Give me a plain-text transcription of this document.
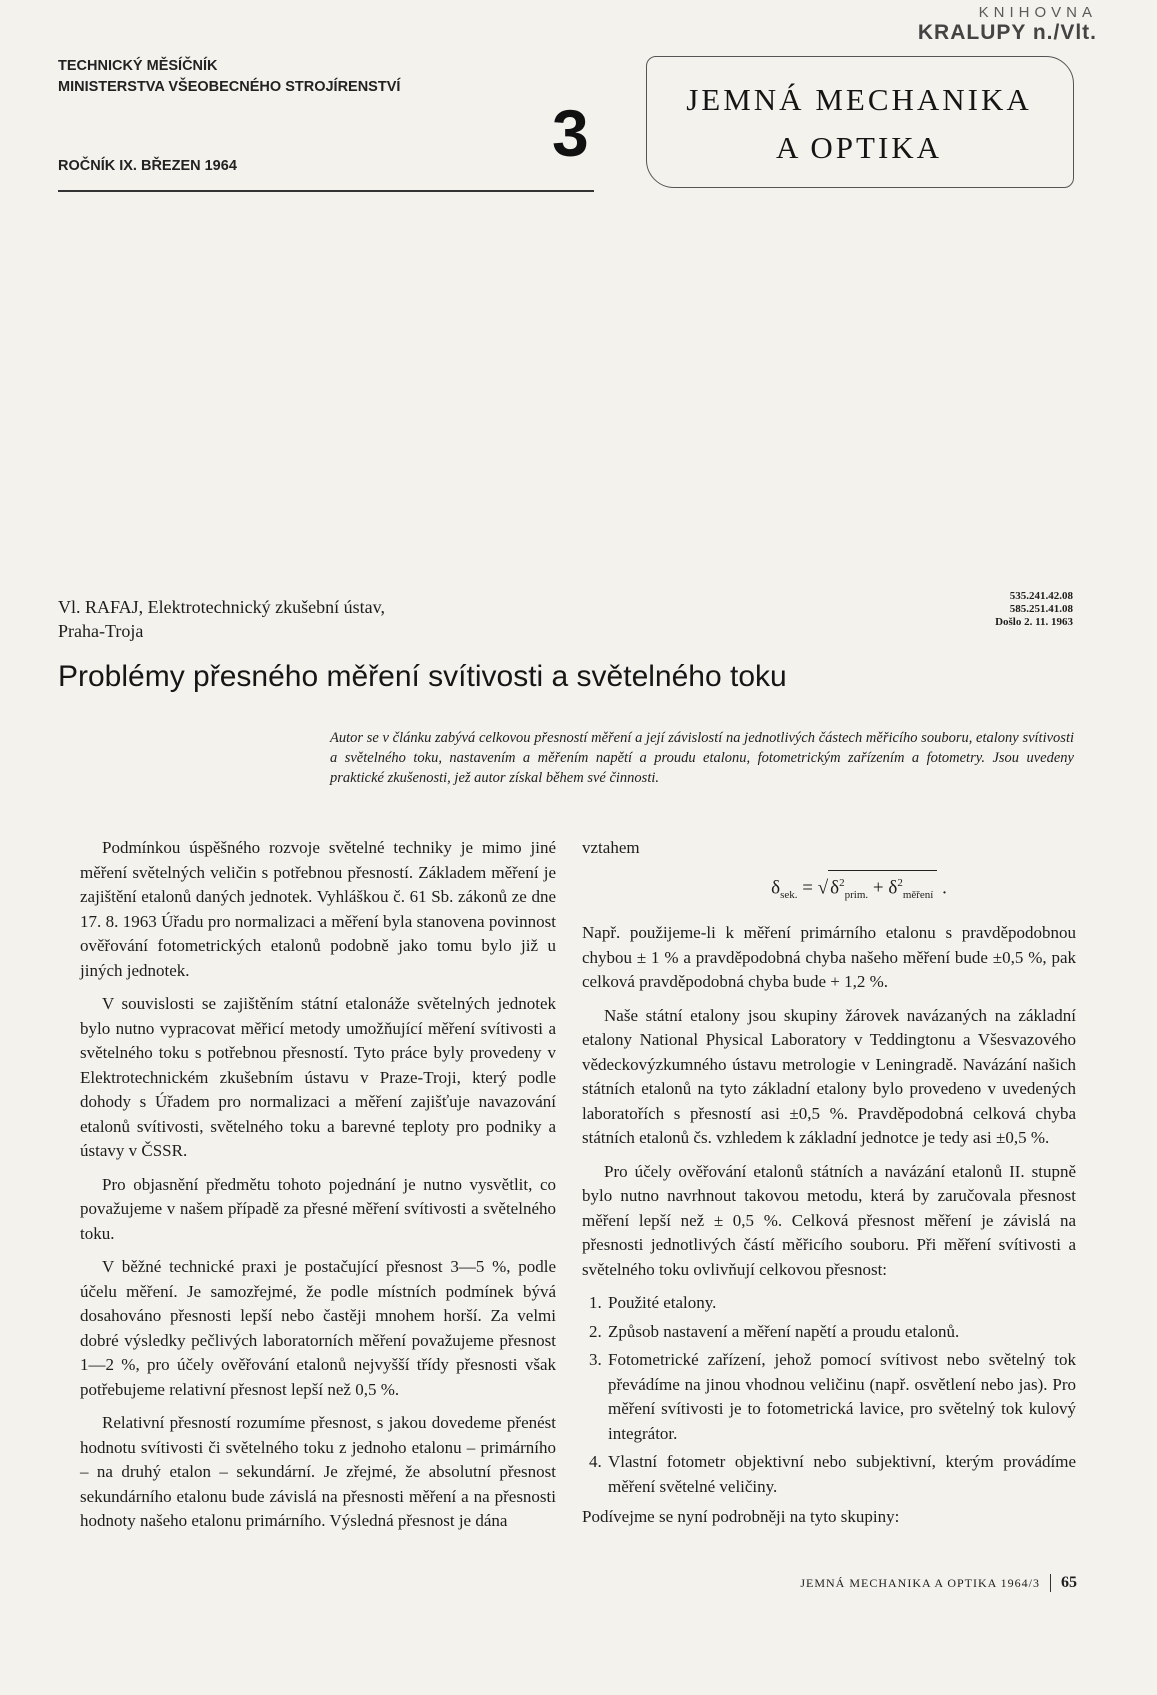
KNIHOVNA
KRALUPY n./Vlt.
TECHNICKÝ MĚSÍČNÍK
MINISTERSTVA VŠEOBECNÉHO STROJÍRENSTVÍ
ROČNÍK IX. BŘEZEN 1964	3	JEMNÁ MECHANIKA
A OPTIKA
Vl. RAFAJ, Elektrotechnický zkušební ústav,
Praha-Troja
535.241.42.08
585.251.41.08
Došlo 2. 11. 1963
Problémy přesného měření svítivosti a světelného toku
Autor se v článku zabývá celkovou přesností měření a její závislostí na jednotlivých částech měřicího souboru, etalony svítivosti a světelného toku, nastavením a měřením napětí a proudu etalonu, fotometrickým zařízením a fotometry. Jsou uvedeny praktické zkušenosti, jež autor získal během své činnosti.

Podmínkou úspěšného rozvoje světelné techniky je mimo jiné měření světelných veličin s potřebnou přesností. Základem měření je zajištění etalonů daných jednotek. Vyhláškou č. 61 Sb. zákonů ze dne 17. 8. 1963 Úřadu pro normalizaci a měření byla stanovena povinnost ověřování fotometrických etalonů podobně jako tomu bylo již u jiných jednotek.

V souvislosti se zajištěním státní etalonáže světelných jednotek bylo nutno vypracovat měřicí metody umožňující měření svítivosti a světelného toku s potřebnou přesností. Tyto práce byly provedeny v Elektrotechnickém zkušebním ústavu v Praze-Troji, který podle dohody s Úřadem pro normalizaci a měření zajišťuje navazování etalonů svítivosti, světelného toku a barevné teploty pro podniky a ústavy v ČSSR.

Pro objasnění předmětu tohoto pojednání je nutno vysvětlit, co považujeme v našem případě za přesné měření svítivosti a světelného toku.

V běžné technické praxi je postačující přesnost 3—5 %, podle účelu měření. Je samozřejmé, že podle místních podmínek bývá dosahováno přesnosti lepší nebo častěji mnohem horší. Za velmi dobré výsledky pečlivých laboratorních měření považujeme přesnost 1—2 %, pro účely ověřování etalonů nejvyšší třídy přesnosti však potřebujeme relativní přesnost lepší než 0,5 %.

Relativní přesností rozumíme přesnost, s jakou dovedeme přenést hodnotu svítivosti či světelného toku z jednoho etalonu – primárního – na druhý etalon – sekundární. Je zřejmé, že absolutní přesnost sekundárního etalonu bude závislá na přesnosti měření a na přesnosti hodnoty našeho etalonu primárního. Výsledná přesnost je dána

vztahem

$\delta_{sek.}$ = √ $\delta^2_{prim.} + \delta^2_{měření}$ .

Např. použijeme-li k měření primárního etalonu s pravděpodobnou chybou ± 1 % a pravděpodobná chyba našeho měření bude ±0,5 %, pak celková pravděpodobná chyba bude + 1,2 %.

Naše státní etalony jsou skupiny žárovek navázaných na základní etalony National Physical Laboratory v Teddingtonu a Všesvazového vědeckovýzkumného ústavu metrologie v Leningradě. Navázání našich státních etalonů na tyto základní etalony bylo provedeno v uvedených laboratořích s přesností asi ±0,5 %. Pravděpodobná celková chyba státních etalonů čs. vzhledem k základní jednotce je tedy asi ±0,5 %.

Pro účely ověřování etalonů státních a navázání etalonů II. stupně bylo nutno navrhnout takovou metodu, která by zaručovala přesnost měření lepší než ± 0,5 %. Celková přesnost měření je závislá na přesnosti jednotlivých částí měřicího souboru. Při měření svítivosti a světelného toku ovlivňují celkovou přesnost:

1. Použité etalony.
2. Způsob nastavení a měření napětí a proudu etalonů.
3. Fotometrické zařízení, jehož pomocí svítivost nebo světelný tok převádíme na jinou vhodnou veličinu (např. osvětlení nebo jas). Pro měření svítivosti je to fotometrická lavice, pro světelný tok kulový integrátor.
4. Vlastní fotometr objektivní nebo subjektivní, kterým provádíme měření světelné veličiny.

Podívejme se nyní podrobněji na tyto skupiny:

JEMNÁ MECHANIKA A OPTIKA 1964/3 65
